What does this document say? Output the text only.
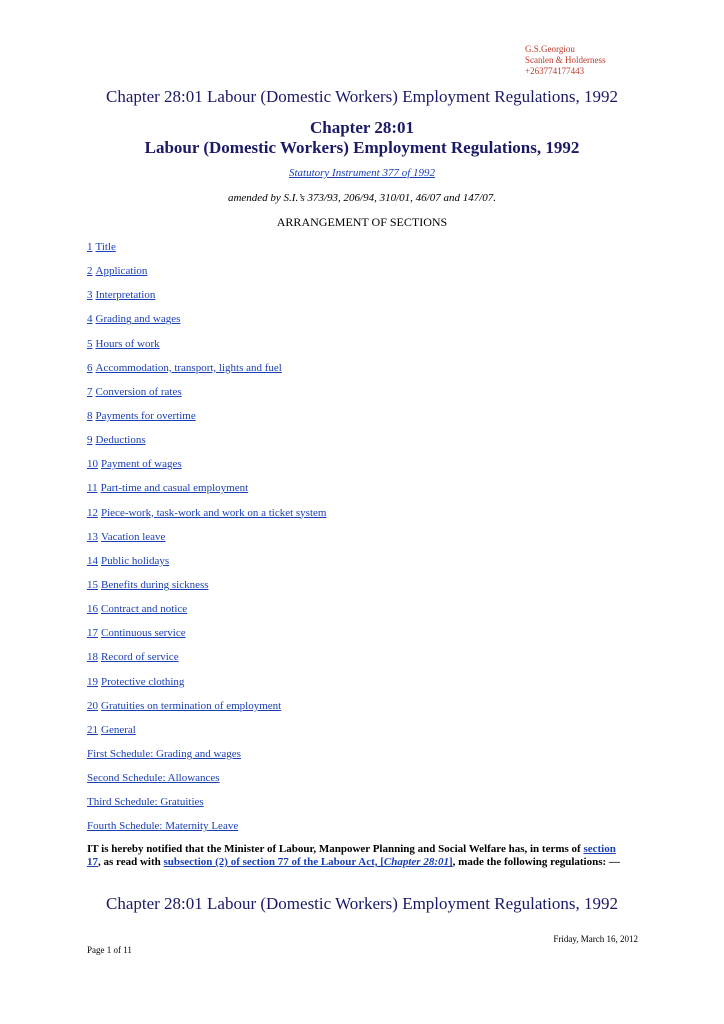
G.S.Georgiou
Scanlen & Holderness
+263774177443
Chapter 28:01 Labour (Domestic Workers) Employment Regulations, 1992
Chapter 28:01
Labour (Domestic Workers) Employment Regulations, 1992
Statutory Instrument 377 of 1992
amended by S.I.’s 373/93, 206/94, 310/01, 46/07 and 147/07.
ARRANGEMENT OF SECTIONS
1 Title
2 Application
3 Interpretation
4 Grading and wages
5 Hours of work
6 Accommodation, transport, lights and fuel
7 Conversion of rates
8 Payments for overtime
9 Deductions
10 Payment of wages
11 Part-time and casual employment
12 Piece-work, task-work and work on a ticket system
13 Vacation leave
14 Public holidays
15 Benefits during sickness
16 Contract and notice
17 Continuous service
18 Record of service
19 Protective clothing
20 Gratuities on termination of employment
21 General
First Schedule: Grading and wages
Second Schedule: Allowances
Third Schedule: Gratuities
Fourth Schedule: Maternity Leave
IT is hereby notified that the Minister of Labour, Manpower Planning and Social Welfare has, in terms of section 17, as read with subsection (2) of section 77 of the Labour Act, [Chapter 28:01], made the following regulations: —
Chapter 28:01 Labour (Domestic Workers) Employment Regulations, 1992
Friday, March 16, 2012
Page 1 of 11
